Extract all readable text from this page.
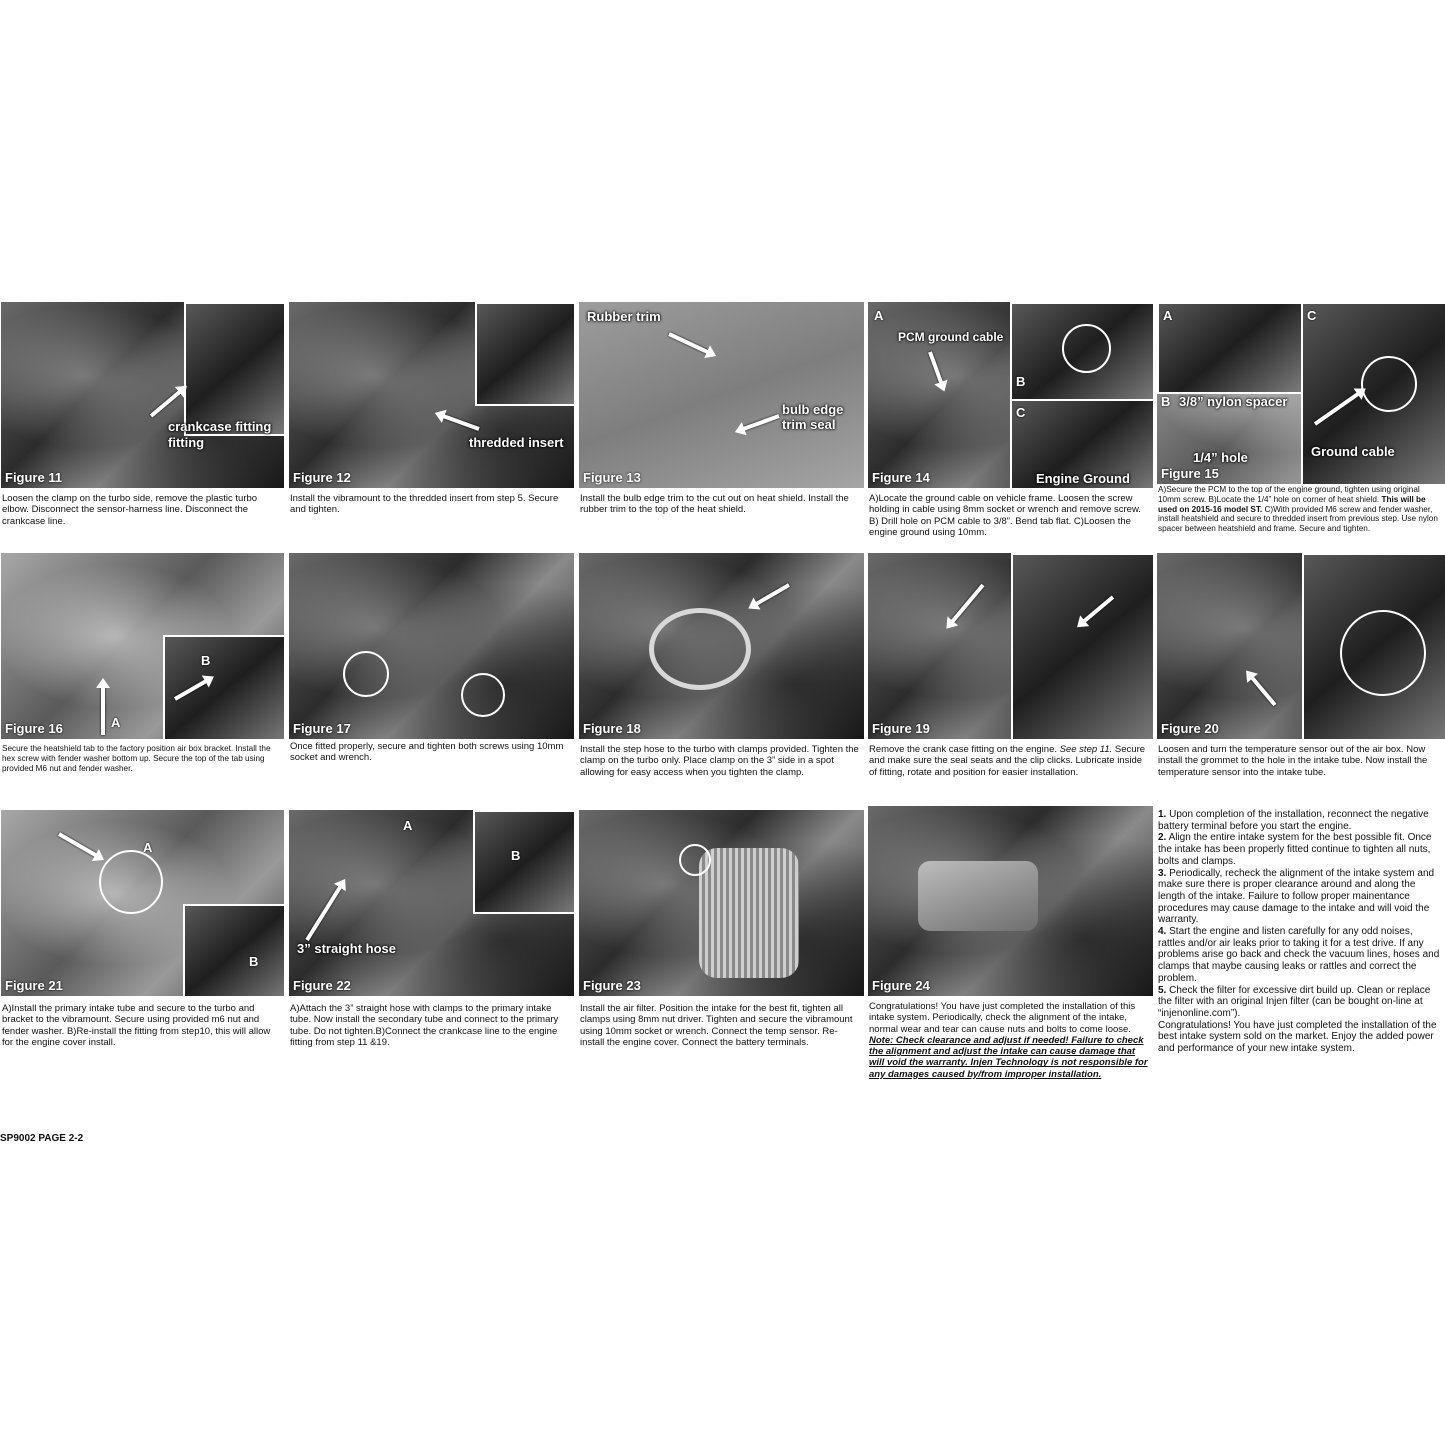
crankcase fitting
fitting
Figure 11
Loosen the clamp on the turbo side, remove the plastic turbo elbow. Disconnect the sensor-harness line. Disconnect the crankcase line.
thredded insert
Figure 12
Install the vibramount to the thredded insert from step 5. Secure and tighten.
Rubber trim
bulb edge trim seal
Figure 13
Install the bulb edge trim to the cut out on heat shield. Install the rubber trim to the top of the heat shield.
B
C
Engine Ground
A
PCM ground cable
Figure 14
A)Locate the ground cable on vehicle frame. Loosen the screw holding in cable using 8mm socket or wrench and remove screw. B) Drill hole on PCM cable to 3/8”. Bend tab flat. C)Loosen the engine ground using 10mm.
A	C
Ground cable
B 3/8” nylon spacer
1/4” hole
Figure 15
A)Secure the PCM to the top of the engine ground, tighten using original 10mm screw. B)Locate the 1/4” hole on corner of heat shield. This will be used on 2015-16 model ST. C)With provided M6 screw and fender washer, install heatshield and secure to thredded insert from previous step. Use nylon spacer between heatshield and frame. Secure and tighten.
B
A
Figure 16
Secure the heatshield tab to the factory position air box bracket. Install the hex screw with fender washer bottom up. Secure the top of the tab using provided M6 nut and fender washer.
Figure 17
Once fitted properly, secure and tighten both screws using 10mm socket and wrench.
Figure 18
Install the step hose to the turbo with clamps provided. Tighten the clamp on the turbo only. Place clamp on the 3” side in a spot allowing for easy access when you tighten the clamp.
Figure 19
Remove the crank case fitting on the engine. See step 11. Secure and make sure the seal seats and the clip clicks. Lubricate inside of fitting, rotate and position for easier installation.
Figure 20
Loosen and turn the temperature sensor out of the air box. Now install the grommet to the hole in the intake tube. Now install the temperature sensor into the intake tube.
A
B
Figure 21
A)Install the primary intake tube and secure to the turbo and bracket to the vibramount. Secure using provided m6 nut and fender washer. B)Re-install the fitting from step10, this will allow for the engine cover install.
B
A
3” straight hose
Figure 22
A)Attach the 3” straight hose with clamps to the primary intake tube. Now install the secondary tube and connect to the primary tube. Do not tighten.B)Connect the crankcase line to the engine fitting from step 11 &19.
Figure 23
Install the air filter. Position the intake for the best fit, tighten all clamps using 8mm nut driver. Tighten and secure the vibramount using 10mm socket or wrench. Connect the temp sensor. Re-install the engine cover. Connect the battery terminals.
Figure 24
Congratulations! You have just completed the installation of this intake system. Periodically, check the alignment of the intake, normal wear and tear can cause nuts and bolts to come loose. Note: Check clearance and adjust if needed! Failure to check the alignment and adjust the intake can cause damage that will void the warranty. Injen Technology is not responsible for any damages caused by/from improper installation.

1. Upon completion of the installation, reconnect the negative battery terminal before you start the engine.

2. Align the entire intake system for the best possible fit. Once the intake has been properly fitted continue to tighten all nuts, bolts and clamps.

3. Periodically, recheck the alignment of the intake system and make sure there is proper clearance around and along the length of the intake. Failure to follow proper mainentance procedures may cause damage to the intake and will void the warranty.

4. Start the engine and listen carefully for any odd noises, rattles and/or air leaks prior to taking it for a test drive. If any problems arise go back and check the vacuum lines, hoses and clamps that maybe causing leaks or rattles and correct the problem.

5. Check the filter for excessive dirt build up. Clean or replace the filter with an original Injen filter (can be bought on-line at “injenonline.com”).

Congratulations! You have just completed the installation of the best intake system sold on the market. Enjoy the added power and performance of your new intake system.

SP9002 PAGE 2-2
